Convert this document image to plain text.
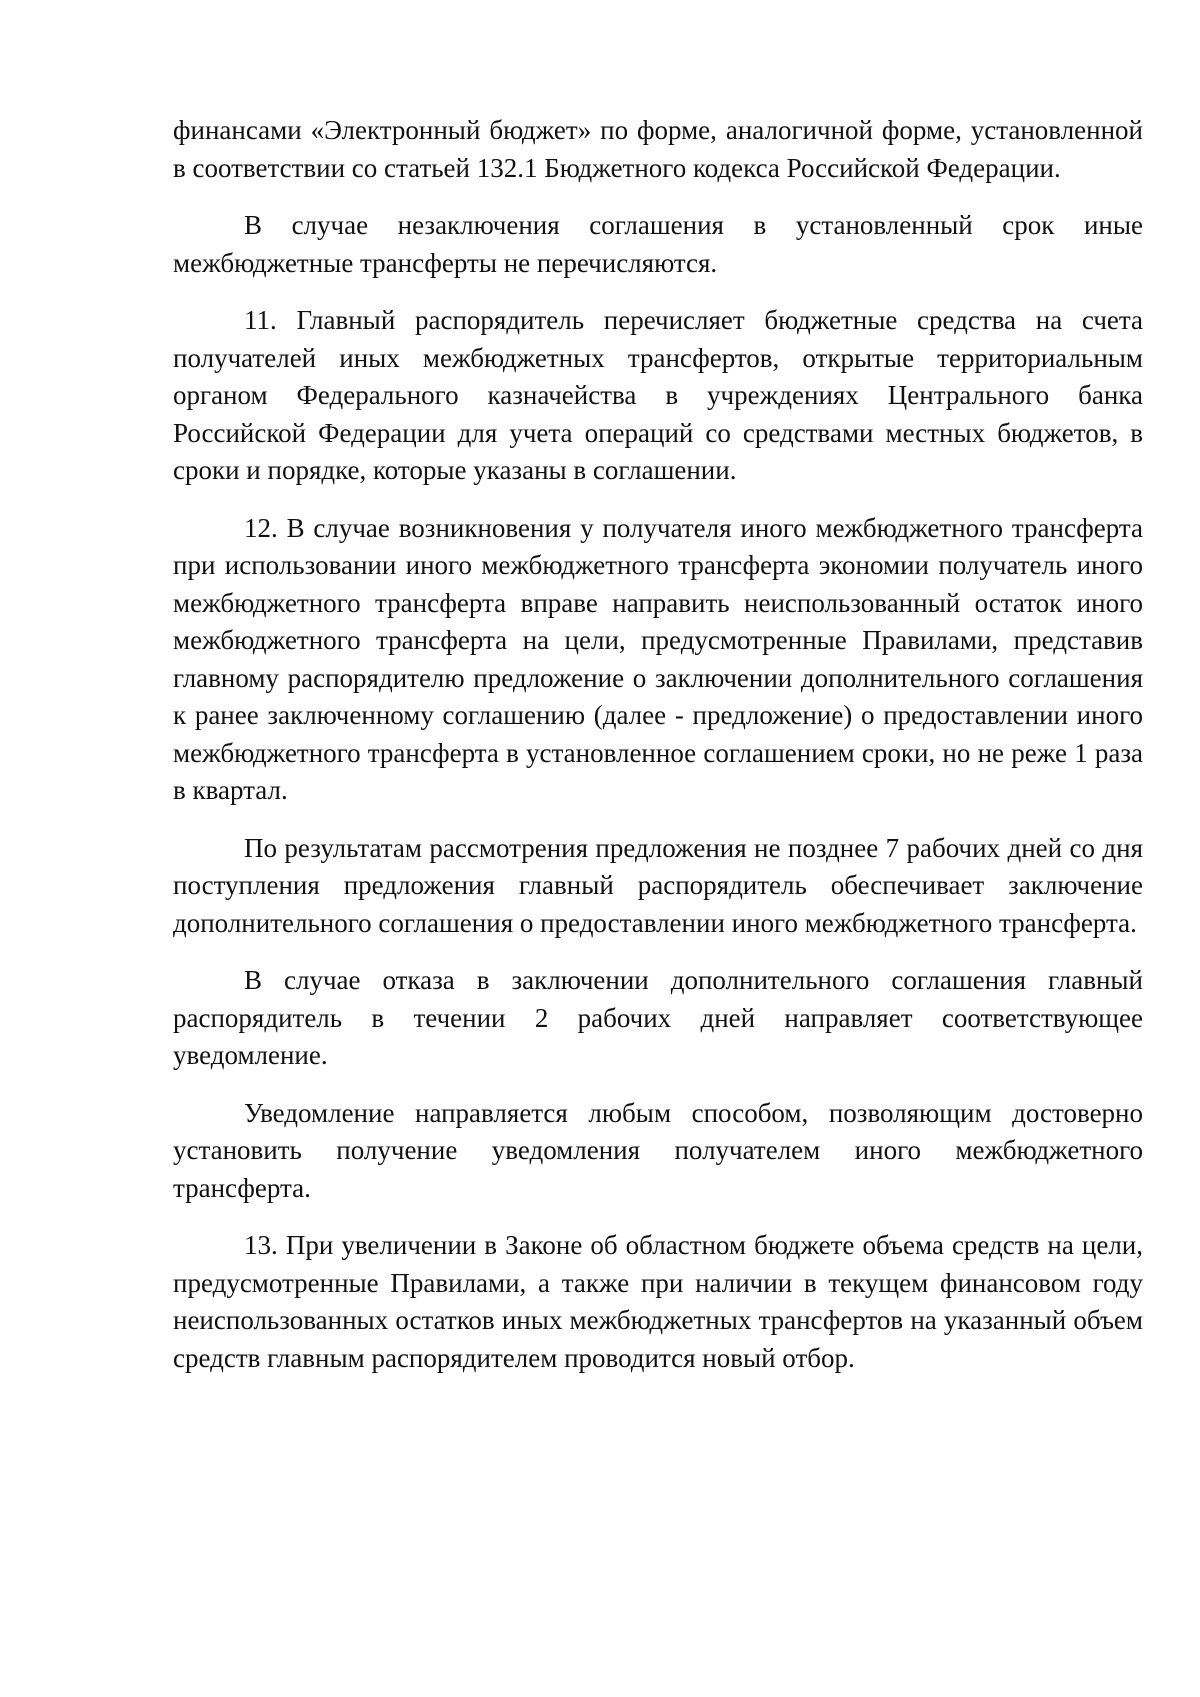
финансами «Электронный бюджет» по форме, аналогичной форме, установленной в соответствии со статьей 132.1 Бюджетного кодекса Российской Федерации.

В случае незаключения соглашения в установленный срок иные межбюджетные трансферты не перечисляются.

11. Главный распорядитель перечисляет бюджетные средства на счета получателей иных межбюджетных трансфертов, открытые территориальным органом Федерального казначейства в учреждениях Центрального банка Российской Федерации для учета операций со средствами местных бюджетов, в сроки и порядке, которые указаны в соглашении.

12. В случае возникновения у получателя иного межбюджетного трансферта при использовании иного межбюджетного трансферта экономии получатель иного межбюджетного трансферта вправе направить неиспользованный остаток иного межбюджетного трансферта на цели, предусмотренные Правилами, представив главному распорядителю предложение о заключении дополнительного соглашения к ранее заключенному соглашению (далее - предложение) о предоставлении иного межбюджетного трансферта в установленное соглашением сроки, но не реже 1 раза в квартал.

По результатам рассмотрения предложения не позднее 7 рабочих дней со дня поступления предложения главный распорядитель обеспечивает заключение дополнительного соглашения о предоставлении иного межбюджетного трансферта.

В случае отказа в заключении дополнительного соглашения главный распорядитель в течении 2 рабочих дней направляет соответствующее уведомление.

Уведомление направляется любым способом, позволяющим достоверно установить получение уведомления получателем иного межбюджетного трансферта.

13. При увеличении в Законе об областном бюджете объема средств на цели, предусмотренные Правилами, а также при наличии в текущем финансовом году неиспользованных остатков иных межбюджетных трансфертов на указанный объем средств главным распорядителем проводится новый отбор.
